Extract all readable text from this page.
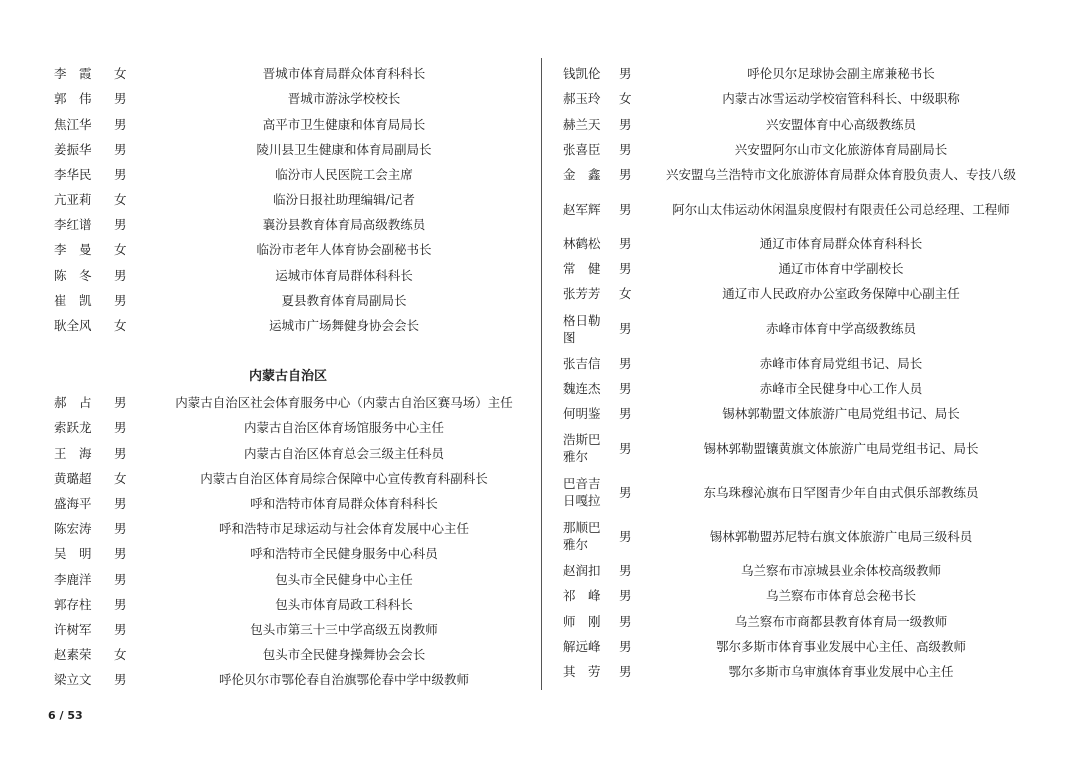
李　霞	女	晋城市体育局群众体育科科长
郭　伟	男	晋城市游泳学校校长
焦江华	男	高平市卫生健康和体育局局长
姜振华	男	陵川县卫生健康和体育局副局长
李华民	男	临汾市人民医院工会主席
亢亚莉	女	临汾日报社助理编辑/记者
李红谱	男	襄汾县教育体育局高级教练员
李　曼	女	临汾市老年人体育协会副秘书长
陈　冬	男	运城市体育局群体科科长
崔　凯	男	夏县教育体育局副局长
耿全风	女	运城市广场舞健身协会会长
内蒙古自治区		
郝　占	男	内蒙古自治区社会体育服务中心（内蒙古自治区赛马场）主任
索跃龙	男	内蒙古自治区体育场馆服务中心主任
王　海	男	内蒙古自治区体育总会三级主任科员
黄璐超	女	内蒙古自治区体育局综合保障中心宣传教育科副科长
盛海平	男	呼和浩特市体育局群众体育科科长
陈宏涛	男	呼和浩特市足球运动与社会体育发展中心主任
吴　明	男	呼和浩特市全民健身服务中心科员
李鹿洋	男	包头市全民健身中心主任
郭存柱	男	包头市体育局政工科科长
许树军	男	包头市第三十三中学高级五岗教师
赵素荣	女	包头市全民健身操舞协会会长
梁立文	男	呼伦贝尔市鄂伦春自治旗鄂伦春中学中级教师
钱凯伦	男	呼伦贝尔足球协会副主席兼秘书长
郝玉玲	女	内蒙古冰雪运动学校宿管科科长、中级职称
赫兰天	男	兴安盟体育中心高级教练员
张喜臣	男	兴安盟阿尔山市文化旅游体育局副局长
金　鑫	男	兴安盟乌兰浩特市文化旅游体育局群众体育股负责人、专技八级
赵军辉	男	阿尔山太伟运动休闲温泉度假村有限责任公司总经理、工程师
林鹤松	男	通辽市体育局群众体育科科长
常　健	男	通辽市体育中学副校长
张芳芳	女	通辽市人民政府办公室政务保障中心副主任

格日勒
图	男	赤峰市体育中学高级教练员
张吉信	男	赤峰市体育局党组书记、局长
魏连杰	男	赤峰市全民健身中心工作人员
何明鉴	男	锡林郭勒盟文体旅游广电局党组书记、局长

浩斯巴
雅尔	男	锡林郭勒盟镶黄旗文体旅游广电局党组书记、局长

巴音吉
日嘎拉	男	东乌珠穆沁旗布日罕图青少年自由式俱乐部教练员

那顺巴
雅尔	男	锡林郭勒盟苏尼特右旗文体旅游广电局三级科员
赵润扣	男	乌兰察布市凉城县业余体校高级教师
祁　峰	男	乌兰察布市体育总会秘书长
师　刚	男	乌兰察布市商都县教育体育局一级教师
解远峰	男	鄂尔多斯市体育事业发展中心主任、高级教师
其　劳	男	鄂尔多斯市乌审旗体育事业发展中心主任
6 / 53
